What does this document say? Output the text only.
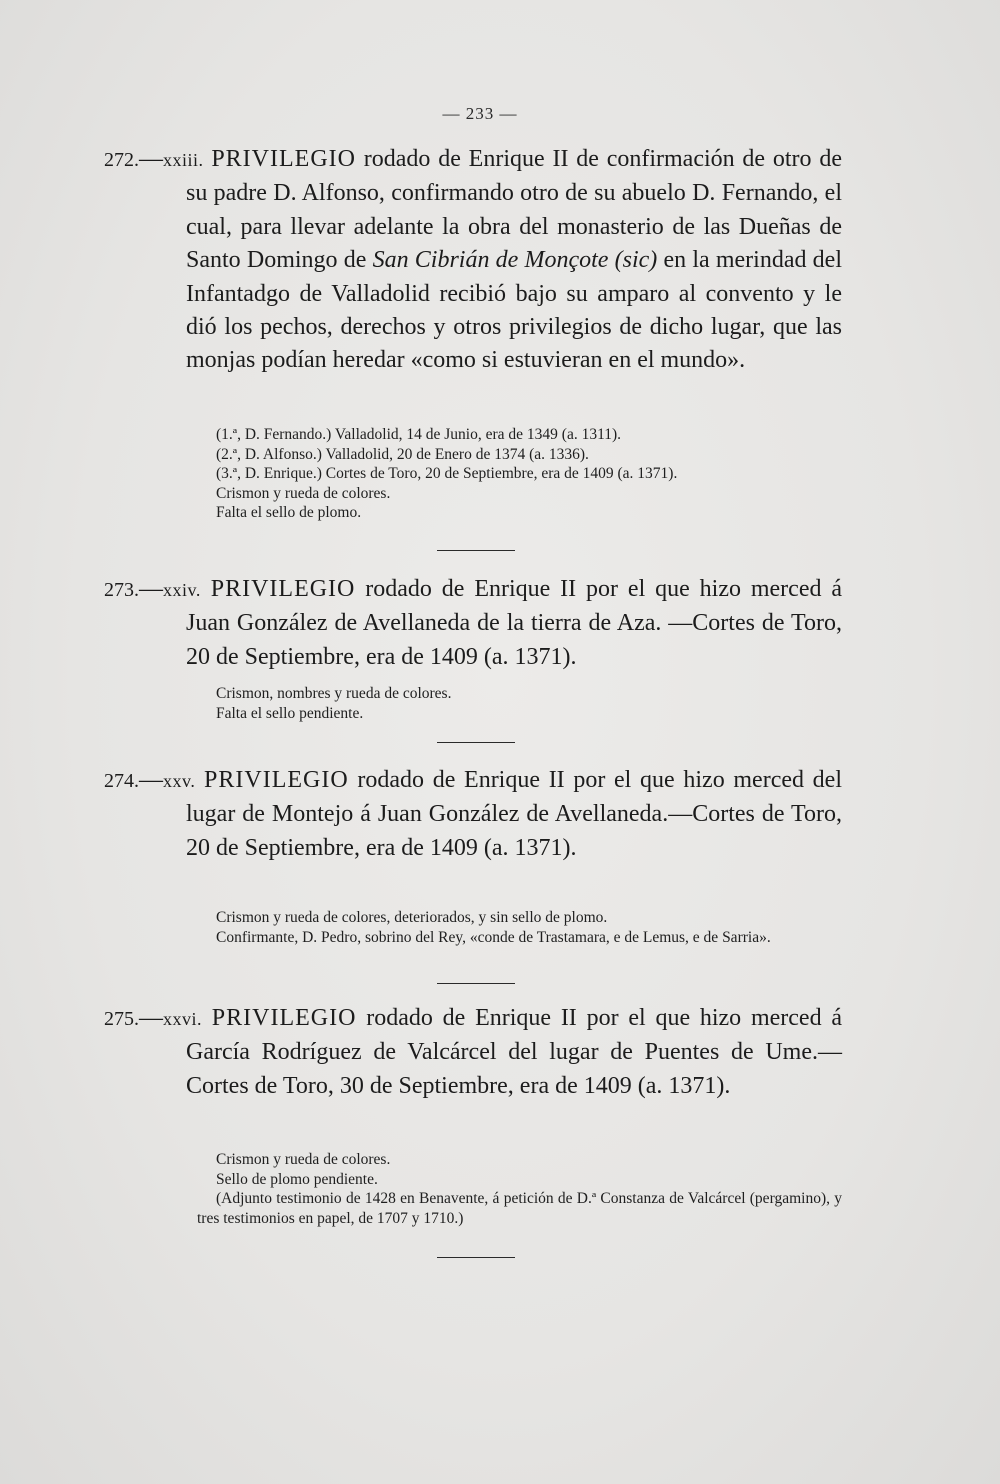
— 233 —
272.—xxiii. PRIVILEGIO rodado de Enrique II de confirmación de otro de su padre D. Alfonso, confirmando otro de su abuelo D. Fernando, el cual, para llevar adelante la obra del monasterio de las Dueñas de Santo Domingo de San Cibrián de Monçote (sic) en la merindad del Infantadgo de Valladolid recibió bajo su amparo al convento y le dió los pechos, derechos y otros privilegios de dicho lugar, que las monjas podían heredar «como si estuvieran en el mundo».
(1.ª, D. Fernando.) Valladolid, 14 de Junio, era de 1349 (a. 1311).
(2.ª, D. Alfonso.) Valladolid, 20 de Enero de 1374 (a. 1336).
(3.ª, D. Enrique.) Cortes de Toro, 20 de Septiembre, era de 1409 (a. 1371).
Crismon y rueda de colores.
Falta el sello de plomo.
273.—xxiv. PRIVILEGIO rodado de Enrique II por el que hizo merced á Juan González de Avellaneda de la tierra de Aza. —Cortes de Toro, 20 de Septiembre, era de 1409 (a. 1371).
Crismon, nombres y rueda de colores.
Falta el sello pendiente.
274.—xxv. PRIVILEGIO rodado de Enrique II por el que hizo merced del lugar de Montejo á Juan González de Avellaneda.—Cortes de Toro, 20 de Septiembre, era de 1409 (a. 1371).
Crismon y rueda de colores, deteriorados, y sin sello de plomo.
Confirmante, D. Pedro, sobrino del Rey, «conde de Trastamara, e de Lemus, e de Sarria».
275.—xxvi. PRIVILEGIO rodado de Enrique II por el que hizo merced á García Rodríguez de Valcárcel del lugar de Puentes de Ume.—Cortes de Toro, 30 de Septiembre, era de 1409 (a. 1371).
Crismon y rueda de colores.
Sello de plomo pendiente.
(Adjunto testimonio de 1428 en Benavente, á petición de D.ª Constanza de Valcárcel (pergamino), y tres testimonios en papel, de 1707 y 1710.)
